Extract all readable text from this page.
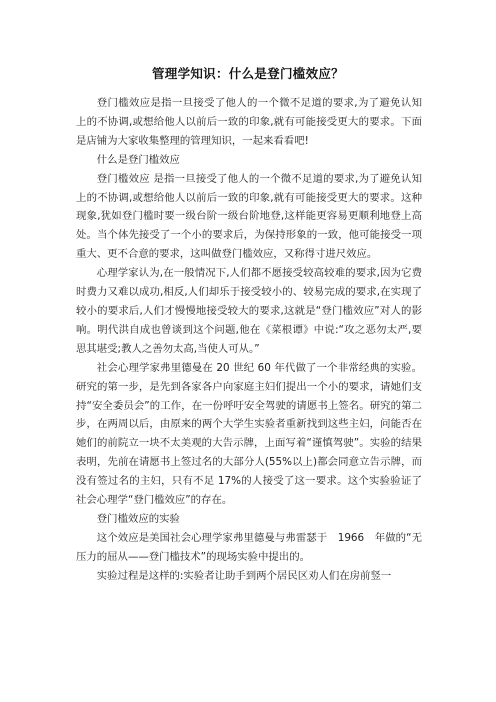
管理学知识：什么是登门槛效应？

登门槛效应是指一旦接受了他人的一个微不足道的要求,为了避免认知上的不协调,或想给他人以前后一致的印象,就有可能接受更大的要求。下面是店铺为大家收集整理的管理知识，一起来看看吧!

什么是登门槛效应

登门槛效应 是指一旦接受了他人的一个微不足道的要求,为了避免认知上的不协调,或想给他人以前后一致的印象,就有可能接受更大的要求。这种现象,犹如登门槛时要一级台阶一级台阶地登,这样能更容易更顺利地登上高处。当个体先接受了一个小的要求后，为保持形象的一致，他可能接受一项重大、更不合意的要求，这叫做登门槛效应，又称得寸进尺效应。

心理学家认为,在一般情况下,人们都不愿接受较高较难的要求,因为它费时费力又难以成功,相反,人们却乐于接受较小的、较易完成的要求,在实现了较小的要求后,人们才慢慢地接受较大的要求,这就是“登门槛效应”对人的影响。明代洪自成也曾谈到这个问题,他在《菜根谭》中说:“攻之恶勿太严,要思其堪受;教人之善勿太高,当使人可从。”

社会心理学家弗里德曼在 20 世纪 60 年代做了一个非常经典的实验。研究的第一步，是先到各家各户向家庭主妇们提出一个小的要求，请她们支持“安全委员会”的工作，在一份呼吁安全驾驶的请愿书上签名。研究的第二步，在两周以后，由原来的两个大学生实验者重新找到这些主妇，问能否在她们的前院立一块不太美观的大告示牌，上面写着“谨慎驾驶”。实验的结果表明，先前在请愿书上签过名的大部分人(55%以上)都会同意立告示牌，而没有签过名的主妇，只有不足 17%的人接受了这一要求。这个实验验证了社会心理学“登门槛效应”的存在。

登门槛效应的实验

这个效应是美国社会心理学家弗里德曼与弗雷瑟于　1966　年做的“无压力的屈从——登门槛技术”的现场实验中提出的。

实验过程是这样的:实验者让助手到两个居民区劝人们在房前竖一
